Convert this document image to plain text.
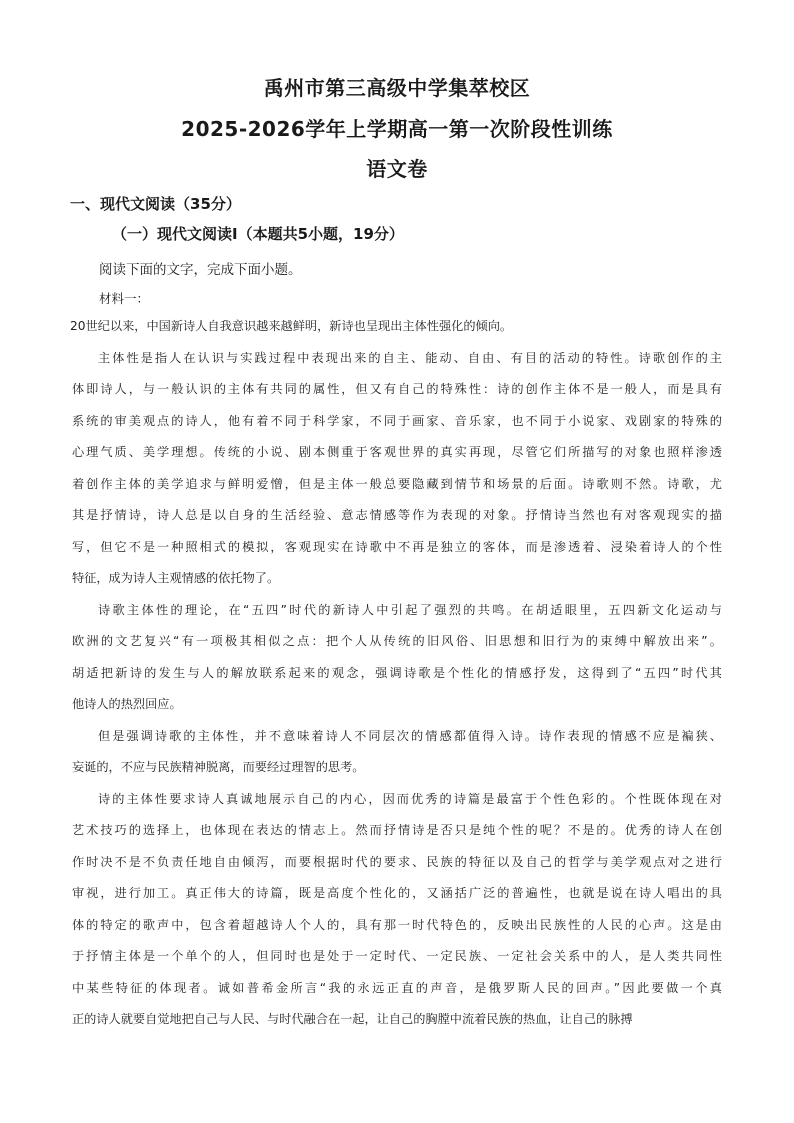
禹州市第三高级中学集萃校区
2025-2026学年上学期高一第一次阶段性训练
语文卷
一、现代文阅读（35分）
（一）现代文阅读Ⅰ（本题共5小题，19分）
阅读下面的文字，完成下面小题。
材料一：
20世纪以来，中国新诗人自我意识越来越鲜明，新诗也呈现出主体性强化的倾向。
主体性是指人在认识与实践过程中表现出来的自主、能动、自由、有目的活动的特性。诗歌创作的主
体即诗人，与一般认识的主体有共同的属性，但又有自己的特殊性：诗的创作主体不是一般人，而是具有
系统的审美观点的诗人，他有着不同于科学家，不同于画家、音乐家，也不同于小说家、戏剧家的特殊的
心理气质、美学理想。传统的小说、剧本侧重于客观世界的真实再现，尽管它们所描写的对象也照样渗透
着创作主体的美学追求与鲜明爱憎，但是主体一般总要隐藏到情节和场景的后面。诗歌则不然。诗歌，尤
其是抒情诗，诗人总是以自身的生活经验、意志情感等作为表现的对象。抒情诗当然也有对客观现实的描
写，但它不是一种照相式的模拟，客观现实在诗歌中不再是独立的客体，而是渗透着、浸染着诗人的个性
特征，成为诗人主观情感的依托物了。
诗歌主体性的理论，在“五四”时代的新诗人中引起了强烈的共鸣。在胡适眼里，五四新文化运动与
欧洲的文艺复兴“有一项极其相似之点：把个人从传统的旧风俗、旧思想和旧行为的束缚中解放出来”。
胡适把新诗的发生与人的解放联系起来的观念，强调诗歌是个性化的情感抒发，这得到了“五四”时代其
他诗人的热烈回应。
但是强调诗歌的主体性，并不意味着诗人不同层次的情感都值得入诗。诗作表现的情感不应是褊狭、
妄诞的，不应与民族精神脱离，而要经过理智的思考。
诗的主体性要求诗人真诚地展示自己的内心，因而优秀的诗篇是最富于个性色彩的。个性既体现在对
艺术技巧的选择上，也体现在表达的情志上。然而抒情诗是否只是纯个性的呢？不是的。优秀的诗人在创
作时决不是不负责任地自由倾泻，而要根据时代的要求、民族的特征以及自己的哲学与美学观点对之进行
审视，进行加工。真正伟大的诗篇，既是高度个性化的，又涵括广泛的普遍性，也就是说在诗人唱出的具
体的特定的歌声中，包含着超越诗人个人的，具有那一时代特色的，反映出民族性的人民的心声。这是由
于抒情主体是一个单个的人，但同时也是处于一定时代、一定民族、一定社会关系中的人，是人类共同性
中某些特征的体现者。诚如普希金所言“我的永远正直的声音，是俄罗斯人民的回声。”因此要做一个真
正的诗人就要自觉地把自己与人民、与时代融合在一起，让自己的胸膛中流着民族的热血，让自己的脉搏
